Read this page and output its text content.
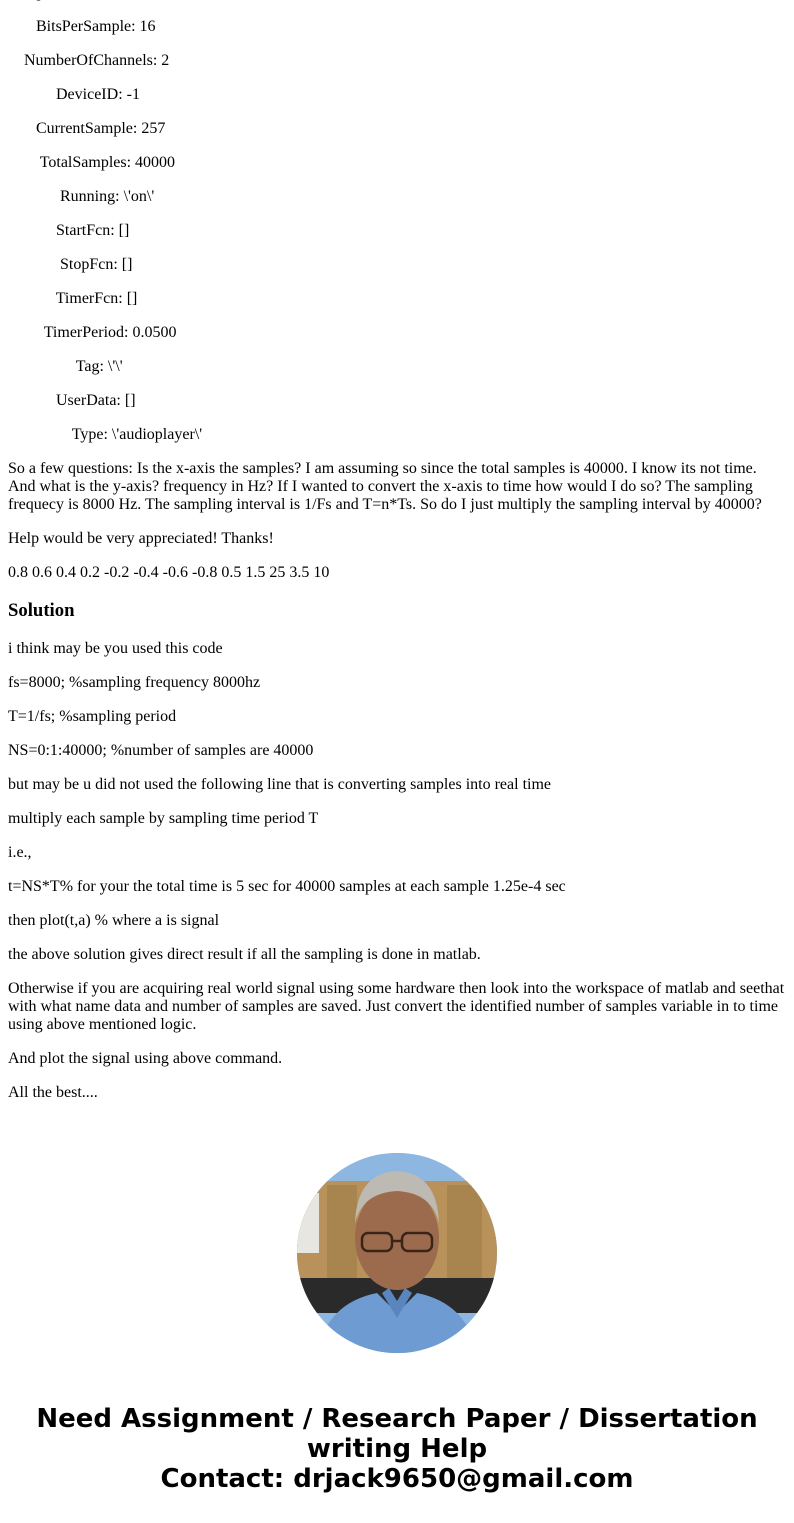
BitsPerSample: 16
NumberOfChannels: 2
DeviceID: -1
CurrentSample: 257
TotalSamples: 40000
Running: \'on\'
StartFcn: []
StopFcn: []
TimerFcn: []
TimerPeriod: 0.0500
Tag: \'\'
UserData: []
Type: \'audioplayer\'

So a few questions: Is the x-axis the samples? I am assuming so since the total samples is 40000. I know its not time. And what is the y-axis? frequency in Hz? If I wanted to convert the x-axis to time how would I do so? The sampling frequecy is 8000 Hz. The sampling interval is 1/Fs and T=n*Ts. So do I just multiply the sampling interval by 40000?

Help would be very appreciated! Thanks!

0.8 0.6 0.4 0.2 -0.2 -0.4 -0.6 -0.8 0.5 1.5 25 3.5 10

Solution

i think may be you used this code

fs=8000; %sampling frequency 8000hz

T=1/fs; %sampling period

NS=0:1:40000; %number of samples are 40000

but may be u did not used the following line that is converting samples into real time

multiply each sample by sampling time period T

i.e.,

t=NS*T% for your the total time is 5 sec for 40000 samples at each sample 1.25e-4 sec

then plot(t,a) % where a is signal

the above solution gives direct result if all the sampling is done in matlab.

Otherwise if you are acquiring real world signal using some hardware then look into the workspace of matlab and seethat with what name data and number of samples are saved. Just convert the identified number of samples variable in to time using above mentioned logic.

And plot the signal using above command.

All the best....

Need Assignment / Research Paper / Dissertation
writing Help
Contact: drjack9650@gmail.com
